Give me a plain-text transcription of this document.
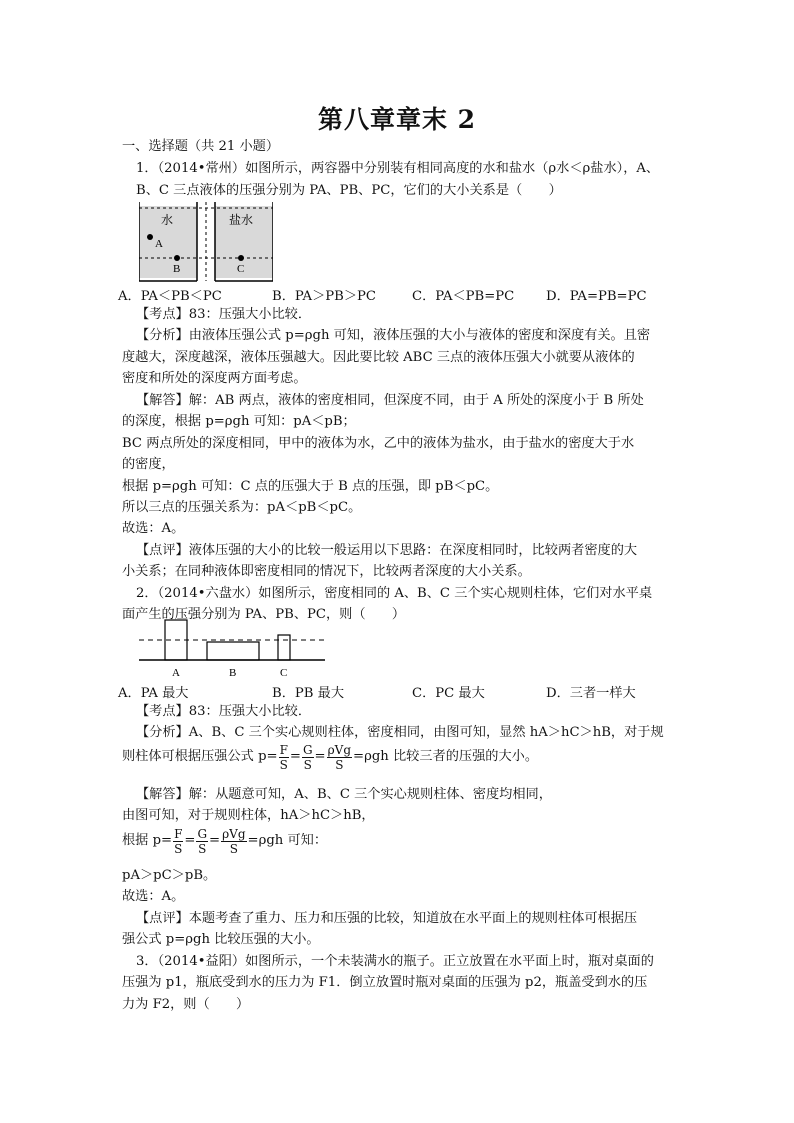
第八章章末 2
一、选择题（共 21 小题）
1．（2014•常州）如图所示，两容器中分别装有相同高度的水和盐水（ρ水＜ρ盐水），A、
B、C 三点液体的压强分别为 PA、PB、PC，它们的大小关系是（　　）
水	盐水
A
B	C
A．PA＜PB＜PC	B．PA＞PB＞PC	C．PA＜PB=PC D．PA=PB=PC
【考点】83：压强大小比较．
【分析】由液体压强公式 p=ρgh 可知，液体压强的大小与液体的密度和深度有关。且密
度越大，深度越深，液体压强越大。因此要比较 ABC 三点的液体压强大小就要从液体的
密度和所处的深度两方面考虑。
【解答】解：AB 两点，液体的密度相同，但深度不同，由于 A 所处的深度小于 B 所处
的深度，根据 p=ρgh 可知：pA＜pB；
BC 两点所处的深度相同，甲中的液体为水，乙中的液体为盐水，由于盐水的密度大于水
的密度，
根据 p=ρgh 可知：C 点的压强大于 B 点的压强，即 pB＜pC。
所以三点的压强关系为：pA＜pB＜pC。
故选：A。
【点评】液体压强的大小的比较一般运用以下思路：在深度相同时，比较两者密度的大
小关系；在同种液体即密度相同的情况下，比较两者深度的大小关系。
2．（2014•六盘水）如图所示，密度相同的 A、B、C 三个实心规则柱体，它们对水平桌
面产生的压强分别为 PA、PB、PC，则（　　）
A	B	C
A．PA 最大	B．PB 最大	C．PC 最大	D．三者一样大
【考点】83：压强大小比较．
【分析】A、B、C 三个实心规则柱体，密度相同，由图可知，显然 hA＞hC＞hB，对于规
则柱体可根据压强公式 $p= \frac{F}{S} = \frac{G}{S} = \frac{\text{ρVg}}{S} =\rho gh$ 比较三者的压强的大小。
【解答】解：从题意可知，A、B、C 三个实心规则柱体、密度均相同，
由图可知，对于规则柱体，hA＞hC＞hB，
根据 $p= \frac{F}{S} = \frac{G}{S} = \frac{\text{ρVg}}{S} =\rho gh$ 可知：
pA＞pC＞pB。
故选：A。
【点评】本题考查了重力、压力和压强的比较，知道放在水平面上的规则柱体可根据压
强公式 p=ρgh 比较压强的大小。
3．（2014•益阳）如图所示，一个未装满水的瓶子。正立放置在水平面上时，瓶对桌面的
压强为 p1，瓶底受到水的压力为 F1．倒立放置时瓶对桌面的压强为 p2，瓶盖受到水的压
力为 F2，则（　　）
